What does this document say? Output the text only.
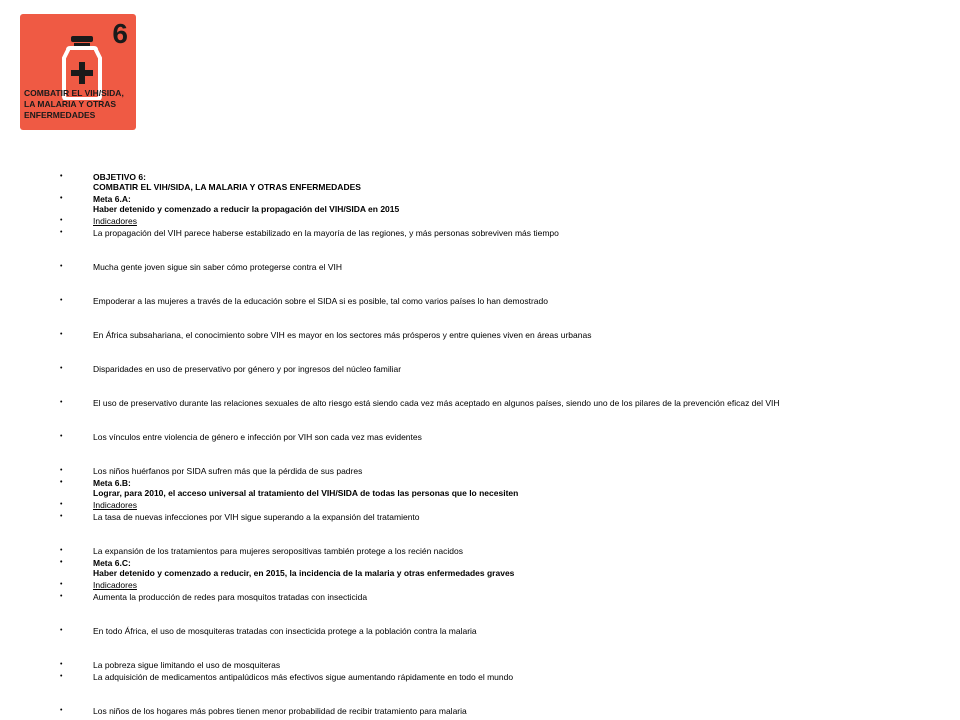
6
COMBATIR EL VIH/SIDA,
LA MALARIA Y OTRAS
ENFERMEDADES
•	OBJETIVO 6:
COMBATIR EL VIH/SIDA, LA MALARIA Y OTRAS ENFERMEDADES
•	Meta 6.A:
Haber detenido y comenzado a reducir la propagación del VIH/SIDA en 2015
•	Indicadores
•	La propagación del VIH parece haberse estabilizado en la mayoría de las regiones, y más personas sobreviven más tiempo
•	Mucha gente joven sigue sin saber cómo protegerse contra el VIH
•	Empoderar a las mujeres a través de la educación sobre el SIDA si es posible, tal como varios países lo han demostrado
•	En África subsahariana, el conocimiento sobre VIH es mayor en los sectores más prósperos y entre quienes viven en áreas urbanas
•	Disparidades en uso de preservativo por género y por ingresos del núcleo familiar
•	El uso de preservativo durante las relaciones sexuales de alto riesgo está siendo cada vez más aceptado en algunos países, siendo uno de los pilares de la prevención eficaz del VIH
•	Los vínculos entre violencia de género e infección por VIH son cada vez mas evidentes
•	Los niños huérfanos por SIDA sufren más que la pérdida de sus padres
•	Meta 6.B:
Lograr, para 2010, el acceso universal al tratamiento del VIH/SIDA de todas las personas que lo necesiten
•	Indicadores
•	La tasa de nuevas infecciones por VIH sigue superando a la expansión del tratamiento
•	La expansión de los tratamientos para mujeres seropositivas también protege a los recién nacidos
•	Meta 6.C:
Haber detenido y comenzado a reducir, en 2015, la incidencia de la malaria y otras enfermedades graves
•	Indicadores
•	Aumenta la producción de redes para mosquitos tratadas con insecticida
•	En todo África, el uso de mosquiteras tratadas con insecticida protege a la población contra la malaria
•	La pobreza sigue limitando el uso de mosquiteras
•	La adquisición de medicamentos antipalúdicos más efectivos sigue aumentando rápidamente en todo el mundo
•	Los niños de los hogares más pobres tienen menor probabilidad de recibir tratamiento para malaria
